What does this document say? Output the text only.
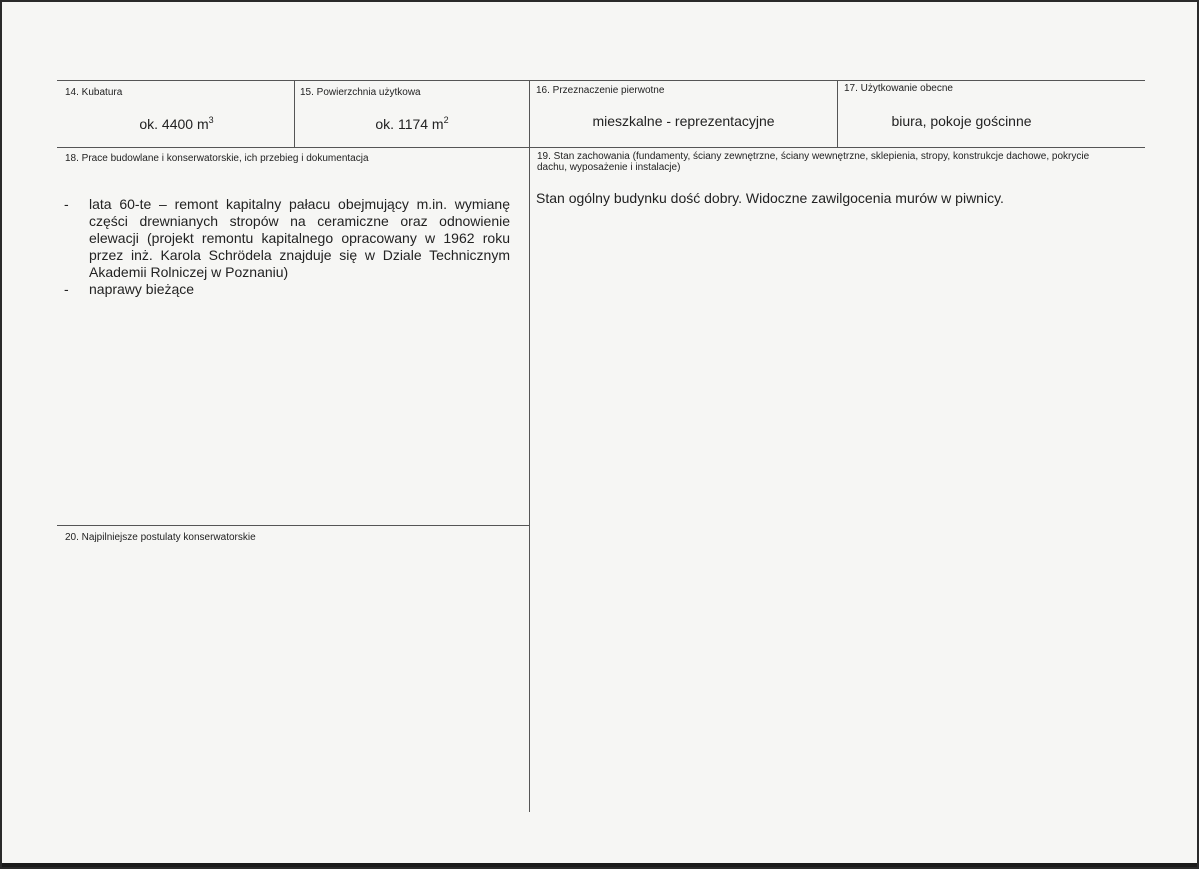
14. Kubatura
ok. 4400 $m^3$
15. Powierzchnia użytkowa
ok. 1174 $m^2$
16. Przeznaczenie pierwotne
mieszkalne - reprezentacyjne
17. Użytkowanie obecne
biura, pokoje gościnne
18. Prace budowlane i konserwatorskie, ich przebieg i dokumentacja
- lata 60-te – remont kapitalny pałacu obejmujący m.in. wymianę części drewnianych stropów na ceramiczne oraz odnowienie elewacji (projekt remontu kapitalnego opracowany w 1962 roku przez inż. Karola Schrödela znajduje się w Dziale Technicznym Akademii Rolniczej w Poznaniu)
- naprawy bieżące
19. Stan zachowania (fundamenty, ściany zewnętrzne, ściany wewnętrzne, sklepienia, stropy, konstrukcje dachowe, pokrycie dachu, wyposażenie i instalacje)
Stan ogólny budynku dość dobry. Widoczne zawilgocenia murów w piwnicy.
20. Najpilniejsze postulaty konserwatorskie
